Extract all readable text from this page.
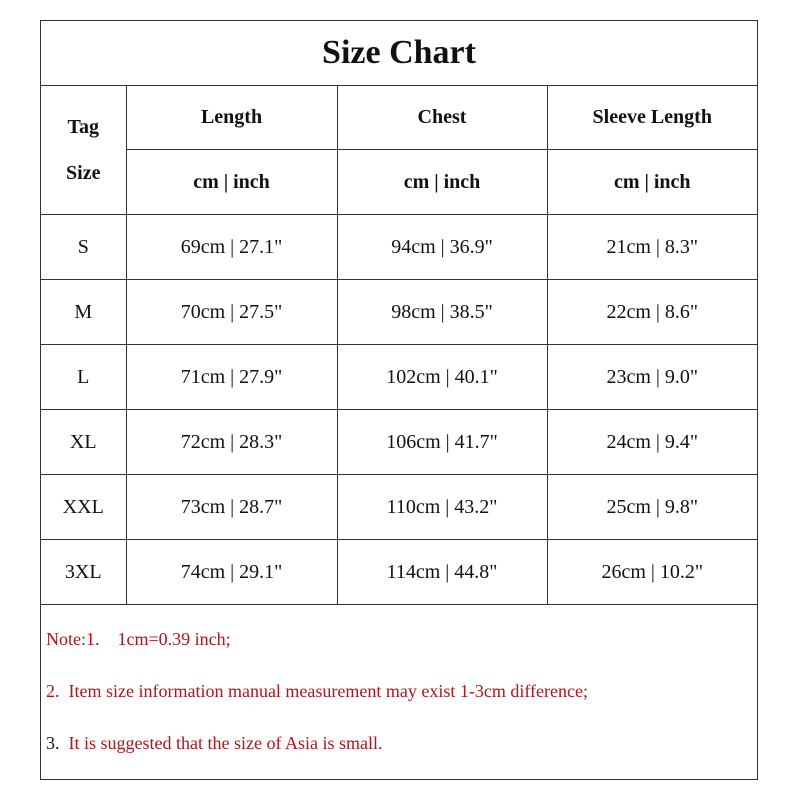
Size Chart
Tag
Size	Length	Chest	Sleeve Length
	cm | inch	cm | inch	cm | inch
S	69cm | 27.1"	94cm | 36.9"	21cm | 8.3"
M	70cm | 27.5"	98cm | 38.5"	22cm | 8.6"
L	71cm | 27.9"	102cm | 40.1"	23cm | 9.0"
XL	72cm | 28.3"	106cm | 41.7"	24cm | 9.4"
XXL	73cm | 28.7"	110cm | 43.2"	25cm | 9.8"
3XL	74cm | 29.1"	114cm | 44.8"	26cm | 10.2"
Note:1.    1cm=0.39 inch;
2.  Item size information manual measurement may exist 1-3cm difference;
3.  It is suggested that the size of Asia is small.
